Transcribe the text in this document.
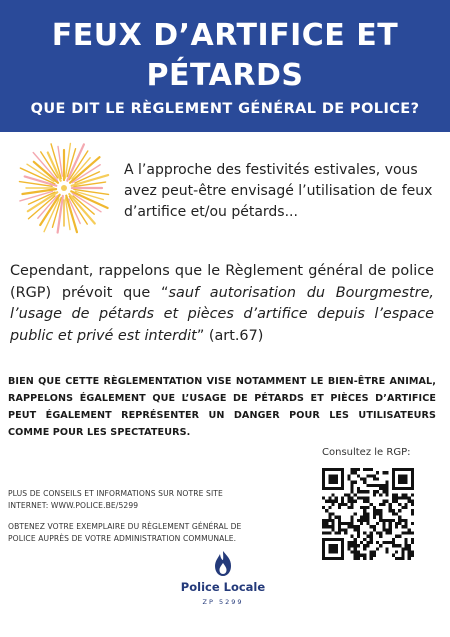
FEUX D’ARTIFICE ET
PÉTARDS
QUE DIT LE RÈGLEMENT GÉNÉRAL DE POLICE?
A l’approche des festivités estivales, vous avez peut-être envisagé l’utilisation de feux d’artifice et/ou pétards...
Cependant, rappelons que le Règlement général de police (RGP) prévoit que “sauf autorisation du Bourgmestre, l’usage de pétards et pièces d’artifice depuis l’espace public et privé est interdit” (art.67)
BIEN QUE CETTE RÈGLEMENTATION VISE NOTAMMENT LE BIEN-ÊTRE ANIMAL, RAPPELONS ÉGALEMENT QUE L’USAGE DE PÉTARDS ET PIÈCES D’ARTIFICE PEUT ÉGALEMENT REPRÉSENTER UN DANGER POUR LES UTILISATEURS COMME POUR LES SPECTATEURS.
Consultez le RGP:

PLUS DE CONSEILS ET INFORMATIONS SUR NOTRE SITE INTERNET: WWW.POLICE.BE/5299

OBTENEZ VOTRE EXEMPLAIRE DU RÈGLEMENT GÉNÉRAL DE POLICE AUPRÈS DE VOTRE ADMINISTRATION COMMUNALE.

Police Locale
ZP 5299
